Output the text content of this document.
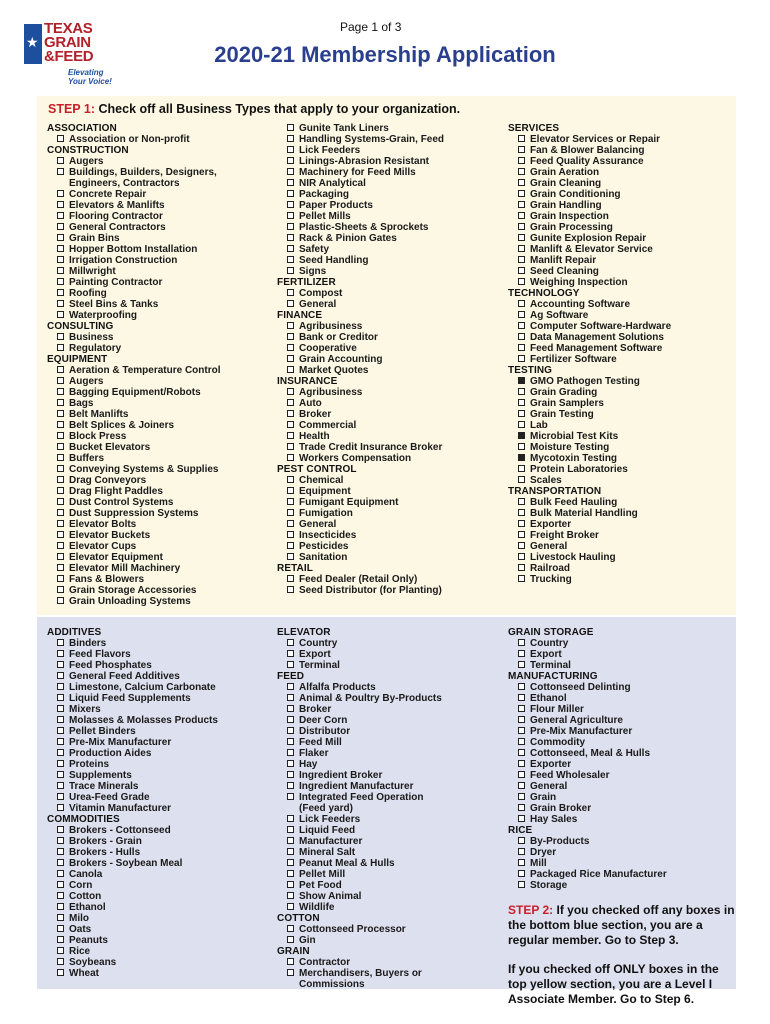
★
TEXAS
GRAIN
&FEED
Elevating
Your Voice!
Page 1 of 3
2020-21 Membership Application
STEP 1: Check off all Business Types that apply to your organization.
ASSOCIATION
Association or Non-profit
CONSTRUCTION
Augers
Buildings, Builders, Designers, Engineers, Contractors
Concrete Repair
Elevators & Manlifts
Flooring Contractor
General Contractors
Grain Bins
Hopper Bottom Installation
Irrigation Construction
Millwright
Painting Contractor
Roofing
Steel Bins & Tanks
Waterproofing
CONSULTING
Business
Regulatory
EQUIPMENT
Aeration & Temperature Control
Augers
Bagging Equipment/Robots
Bags
Belt Manlifts
Belt Splices & Joiners
Block Press
Bucket Elevators
Buffers
Conveying Systems & Supplies
Drag Conveyors
Drag Flight Paddles
Dust Control Systems
Dust Suppression Systems
Elevator Bolts
Elevator Buckets
Elevator Cups
Elevator Equipment
Elevator Mill Machinery
Fans & Blowers
Grain Storage Accessories
Grain Unloading Systems
Gunite Tank Liners
Handling Systems-Grain, Feed
Lick Feeders
Linings-Abrasion Resistant
Machinery for Feed Mills
NIR Analytical
Packaging
Paper Products
Pellet Mills
Plastic-Sheets & Sprockets
Rack & Pinion Gates
Safety
Seed Handling
Signs
FERTILIZER
Compost
General
FINANCE
Agribusiness
Bank or Creditor
Cooperative
Grain Accounting
Market Quotes
INSURANCE
Agribusiness
Auto
Broker
Commercial
Health
Trade Credit Insurance Broker
Workers Compensation
PEST CONTROL
Chemical
Equipment
Fumigant Equipment
Fumigation
General
Insecticides
Pesticides
Sanitation
RETAIL
Feed Dealer (Retail Only)
Seed Distributor (for Planting)
SERVICES
Elevator Services or Repair
Fan & Blower Balancing
Feed Quality Assurance
Grain Aeration
Grain Cleaning
Grain Conditioning
Grain Handling
Grain Inspection
Grain Processing
Gunite Explosion Repair
Manlift & Elevator Service
Manlift Repair
Seed Cleaning
Weighing Inspection
TECHNOLOGY
Accounting Software
Ag Software
Computer Software-Hardware
Data Management Solutions
Feed Management Software
Fertilizer Software
TESTING
GMO Pathogen Testing
Grain Grading
Grain Samplers
Grain Testing
Lab
Microbial Test Kits
Moisture Testing
Mycotoxin Testing
Protein Laboratories
Scales
TRANSPORTATION
Bulk Feed Hauling
Bulk Material Handling
Exporter
Freight Broker
General
Livestock Hauling
Railroad
Trucking
ADDITIVES
Binders
Feed Flavors
Feed Phosphates
General Feed Additives
Limestone, Calcium Carbonate
Liquid Feed Supplements
Mixers
Molasses & Molasses Products
Pellet Binders
Pre-Mix Manufacturer
Production Aides
Proteins
Supplements
Trace Minerals
Urea-Feed Grade
Vitamin Manufacturer
COMMODITIES
Brokers - Cottonseed
Brokers - Grain
Brokers - Hulls
Brokers - Soybean Meal
Canola
Corn
Cotton
Ethanol
Milo
Oats
Peanuts
Rice
Soybeans
Wheat
ELEVATOR
Country
Export
Terminal
FEED
Alfalfa Products
Animal & Poultry By-Products
Broker
Deer Corn
Distributor
Feed Mill
Flaker
Hay
Ingredient Broker
Ingredient Manufacturer
Integrated Feed Operation (Feed yard)
Lick Feeders
Liquid Feed
Manufacturer
Mineral Salt
Peanut Meal & Hulls
Pellet Mill
Pet Food
Show Animal
Wildlife
COTTON
Cottonseed Processor
Gin
GRAIN
Contractor
Merchandisers, Buyers or Commissions
GRAIN STORAGE
Country
Export
Terminal
MANUFACTURING
Cottonseed Delinting
Ethanol
Flour Miller
General Agriculture
Pre-Mix Manufacturer
Commodity
Cottonseed, Meal & Hulls
Exporter
Feed Wholesaler
General
Grain
Grain Broker
Hay Sales
RICE
By-Products
Dryer
Mill
Packaged Rice Manufacturer
Storage

STEP 2: If you checked off any boxes in the bottom blue section, you are a regular member. Go to Step 3.

If you checked off ONLY boxes in the top yellow section, you are a Level I Associate Member. Go to Step 6.
